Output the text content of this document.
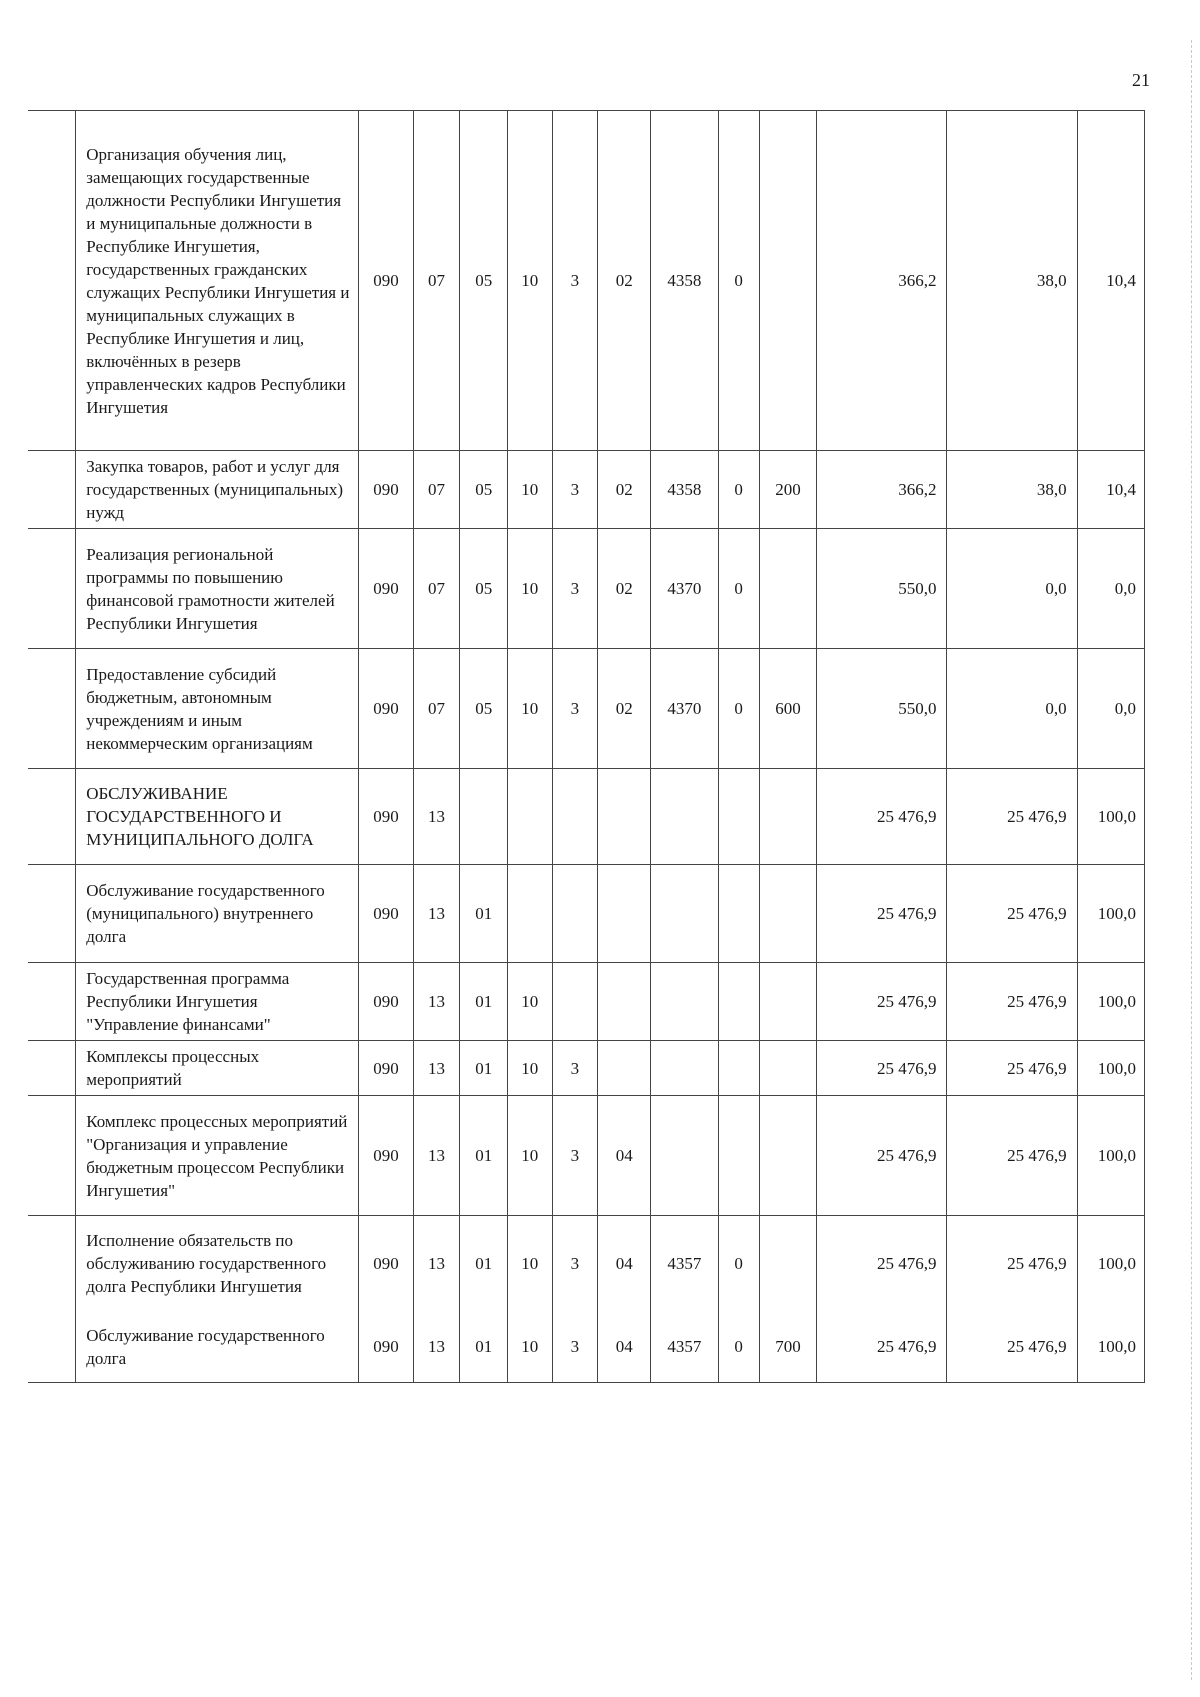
21
	Организация обучения лиц, замещающих государственные должности Республики Ингушетия и муниципальные должности в Республике Ингушетия, государственных гражданских служащих Республики Ингушетия и муниципальных служащих в Республике Ингушетия и лиц, включённых в резерв управленческих кадров Республики Ингушетия	090	07	05	10	3	02	4358	0		366,2	38,0	10,4
	Закупка товаров, работ и услуг для государственных (муниципальных) нужд	090	07	05	10	3	02	4358	0	200	366,2	38,0	10,4
	Реализация региональной программы по повышению финансовой грамотности жителей Республики Ингушетия	090	07	05	10	3	02	4370	0		550,0	0,0	0,0
	Предоставление субсидий бюджетным, автономным учреждениям и иным некоммерческим организациям	090	07	05	10	3	02	4370	0	600	550,0	0,0	0,0
	ОБСЛУЖИВАНИЕ ГОСУДАРСТВЕННОГО И МУНИЦИПАЛЬНОГО ДОЛГА	090	13								25 476,9	25 476,9	100,0
	Обслуживание государственного (муниципального) внутреннего долга	090	13	01							25 476,9	25 476,9	100,0
	Государственная программа Республики Ингушетия "Управление финансами"	090	13	01	10						25 476,9	25 476,9	100,0
	Комплексы процессных мероприятий	090	13	01	10	3					25 476,9	25 476,9	100,0
	Комплекс процессных мероприятий "Организация и управление бюджетным процессом Республики Ингушетия"	090	13	01	10	3	04				25 476,9	25 476,9	100,0
	Исполнение обязательств по обслуживанию государственного долга Республики Ингушетия	090	13	01	10	3	04	4357	0		25 476,9	25 476,9	100,0
	Обслуживание государственного долга	090	13	01	10	3	04	4357	0	700	25 476,9	25 476,9	100,0
